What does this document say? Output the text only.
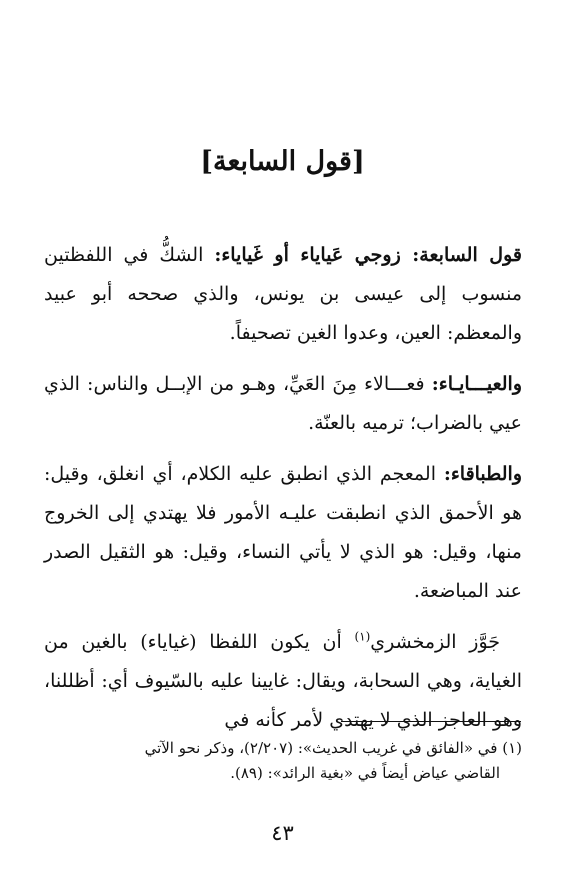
[قول السابعة]

قول السابعة: زوجي عَياياء أو غَياياء: الشكُّ في اللفظتين منسوب إلى عيسى بن يونس، والذي صححه أبو عبيد والمعظم: العين، وعدوا الغين تصحيفاً.

والعيـــايـاء: فعـــالاء مِنَ العَيِّ، وهـو من الإبــل والناس: الذي عيي بالضراب؛ ترميه بالعنّة.

والطباقاء: المعجم الذي انطبق عليه الكلام، أي انغلق، وقيل: هو الأحمق الذي انطبقت عليـه الأمور فلا يهتدي إلى الخروج منها، وقيل: هو الذي لا يأتي النساء، وقيل: هو الثقيل الصدر عند المباضعة.

جَوَّز الزمخشري$^{(١)}$ أن يكون اللفظا (غياياء) بالغين من الغياية، وهي السحابة، ويقال: غايينا عليه بالسّيوف أي: أظللنا، وهو العاجز الذي لا يهتدي لأمر كأنه في

(١) في «الفائق في غريب الحديث»: (٢/٢٠٧)، وذكر نحو الآتي

القاضي عياض أيضاً في «بغية الرائد»: (٨٩).

٤٣
